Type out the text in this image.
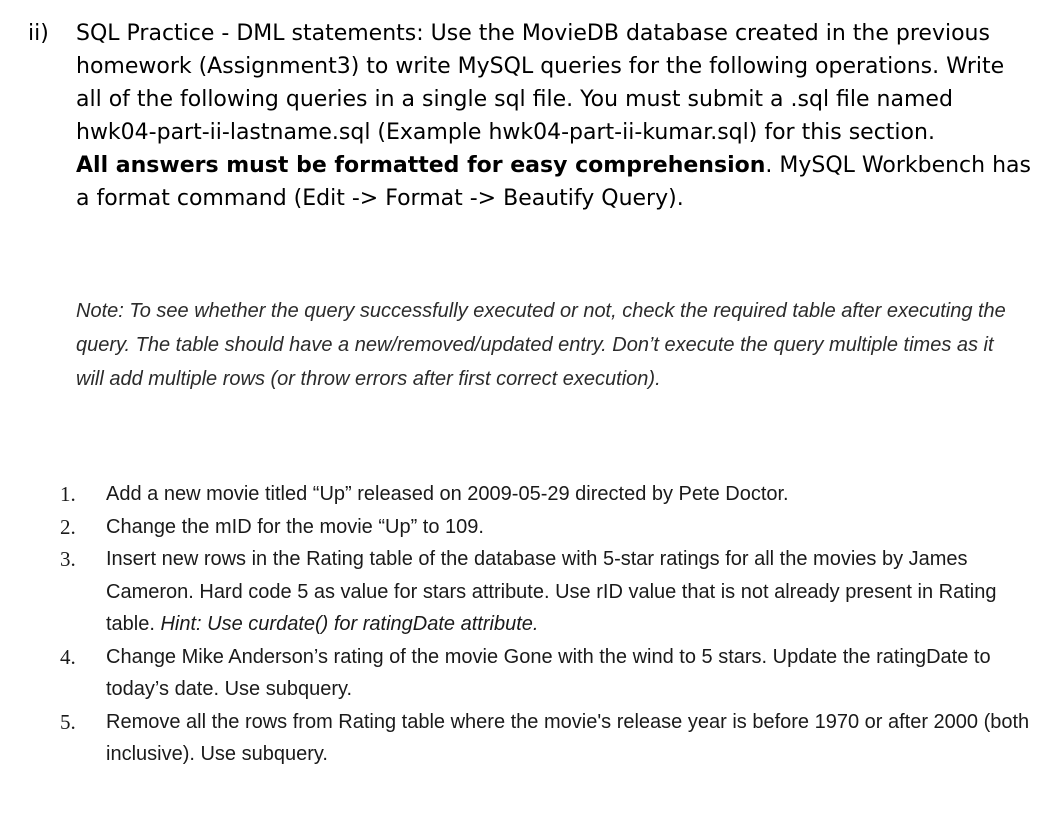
ii) SQL Practice - DML statements: Use the MovieDB database created in the previous homework (Assignment3) to write MySQL queries for the following operations. Write all of the following queries in a single sql file. You must submit a .sql file named hwk04-part-ii-lastname.sql (Example hwk04-part-ii-kumar.sql) for this section.
All answers must be formatted for easy comprehension. MySQL Workbench has a format command (Edit -> Format -> Beautify Query).

Note: To see whether the query successfully executed or not, check the required table after executing the query. The table should have a new/removed/updated entry. Don’t execute the query multiple times as it will add multiple rows (or throw errors after first correct execution).
1.	Add a new movie titled “Up” released on 2009-05-29 directed by Pete Doctor.
2.	Change the mID for the movie “Up” to 109.
3.	Insert new rows in the Rating table of the database with 5-star ratings for all the movies by James Cameron. Hard code 5 as value for stars attribute. Use rID value that is not already present in Rating table. Hint: Use curdate() for ratingDate attribute.
4.	Change Mike Anderson’s rating of the movie Gone with the wind to 5 stars. Update the ratingDate to today’s date. Use subquery.
5.	Remove all the rows from Rating table where the movie's release year is before 1970 or after 2000 (both inclusive). Use subquery.
